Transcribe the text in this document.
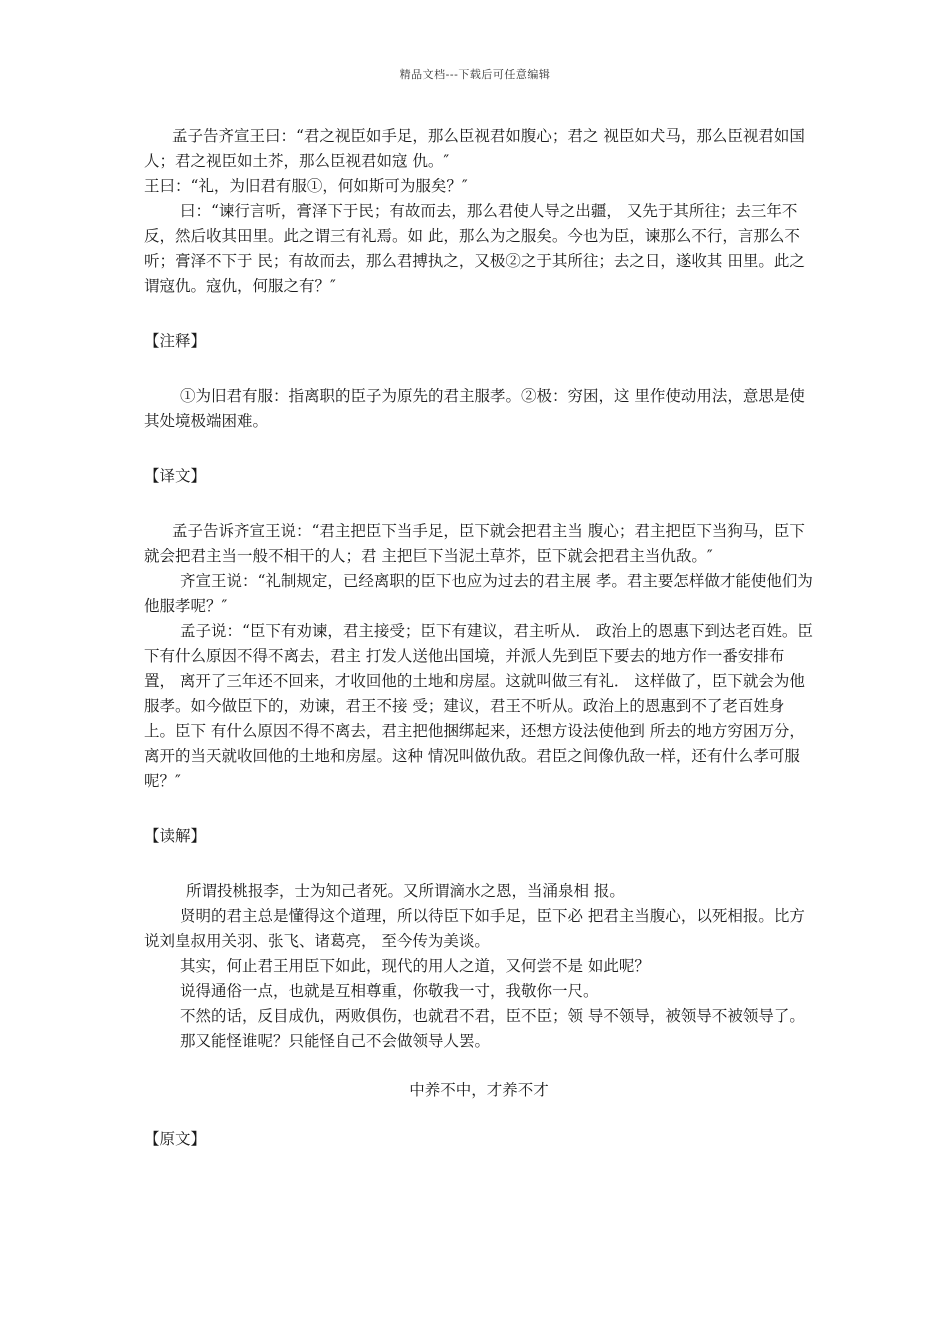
精品文档---下载后可任意编辑

孟子告齐宣王曰：“君之视臣如手足，那么臣视君如腹心；君之 视臣如犬马，那么臣视君如国人；君之视臣如土芥，那么臣视君如寇 仇。″

王曰：“礼，为旧君有服①，何如斯可为服矣？″

曰：“谏行言听，膏泽下于民；有故而去，那么君使人导之出疆， 又先于其所往；去三年不反，然后收其田里。此之谓三有礼焉。如 此，那么为之服矣。今也为臣，谏那么不行，言那么不听；膏泽不下于 民；有故而去，那么君搏执之，又极②之于其所往；去之日，遂收其 田里。此之谓寇仇。寇仇，何服之有？″

【注释】

①为旧君有服：指离职的臣子为原先的君主服孝。②极：穷困，这 里作使动用法，意思是使其处境极端困难。

【译文】

孟子告诉齐宣王说：“君主把臣下当手足，臣下就会把君主当 腹心；君主把臣下当狗马，臣下就会把君主当一般不相干的人；君 主把巨下当泥土草芥，臣下就会把君主当仇敌。″

齐宣王说：“礼制规定，已经离职的臣下也应为过去的君主展 孝。君主要怎样做才能使他们为他服孝呢？″

孟子说：“臣下有劝谏，君主接受；臣下有建议，君主听从． 政治上的恩惠下到达老百姓。臣下有什么原因不得不离去，君主 打发人送他出国境，并派人先到臣下要去的地方作一番安排布置， 离开了三年还不回来，才收回他的土地和房屋。这就叫做三有礼． 这样做了，臣下就会为他服孝。如今做臣下的，劝谏，君王不接 受；建议，君王不听从。政治上的恩惠到不了老百姓身上。臣下 有什么原因不得不离去，君主把他捆绑起来，还想方设法使他到 所去的地方穷困万分，离开的当天就收回他的土地和房屋。这种 情况叫做仇敌。君臣之间像仇敌一样，还有什么孝可服呢？″

【读解】

所谓投桃报李，士为知己者死。又所谓滴水之恩，当涌泉相 报。

贤明的君主总是懂得这个道理，所以待臣下如手足，臣下必 把君主当腹心，以死相报。比方说刘皇叔用关羽、张飞、诸葛亮， 至今传为美谈。

其实，何止君王用臣下如此，现代的用人之道，又何尝不是 如此呢？

说得通俗一点，也就是互相尊重，你敬我一寸，我敬你一尺。

不然的话，反目成仇，两败俱伤，也就君不君，臣不臣；领 导不领导，被领导不被领导了。

那又能怪谁呢？只能怪自己不会做领导人罢。

中养不中，才养不才

【原文】
